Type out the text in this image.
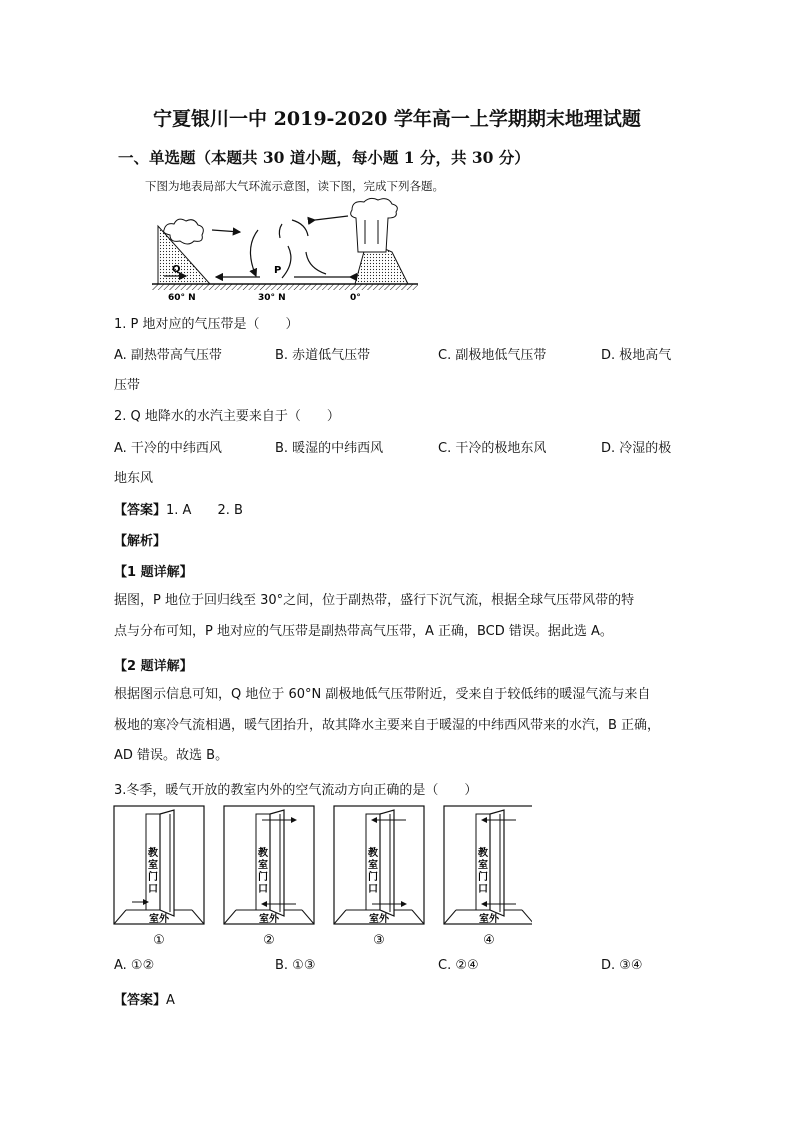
宁夏银川一中 2019-2020 学年高一上学期期末地理试题
一、单选题（本题共 30 道小题，每小题 1 分，共 30 分）
下图为地表局部大气环流示意图，读下图，完成下列各题。
Q	P
60° N	30° N	0°
1. P 地对应的气压带是（　　）
A. 副热带高气压带	B. 赤道低气压带	C. 副极地低气压带	D. 极地高气
压带
2. Q 地降水的水汽主要来自于（　　）
A. 干冷的中纬西风	B. 暖湿的中纬西风	C. 干冷的极地东风	D. 冷湿的极
地东风
【答案】1. A　　2. B
【解析】
【1 题详解】
据图，P 地位于回归线至 30°之间，位于副热带，盛行下沉气流，根据全球气压带风带的特
点与分布可知，P 地对应的气压带是副热带高气压带，A 正确，BCD 错误。据此选 A。
【2 题详解】
根据图示信息可知，Q 地位于 60°N 副极地低气压带附近，受来自于较低纬的暖湿气流与来自
极地的寒冷气流相遇，暖气团抬升，故其降水主要来自于暖湿的中纬西风带来的水汽，B 正确，
AD 错误。故选 B。
3.冬季，暖气开放的教室内外的空气流动方向正确的是（　　）
教
室
门
口
室外
①
教
室
门
口
室外
②
教
室
门
口
室外
③
教
室
门
口
室外
④
A. ①②	B. ①③	C. ②④	D. ③④
【答案】A
